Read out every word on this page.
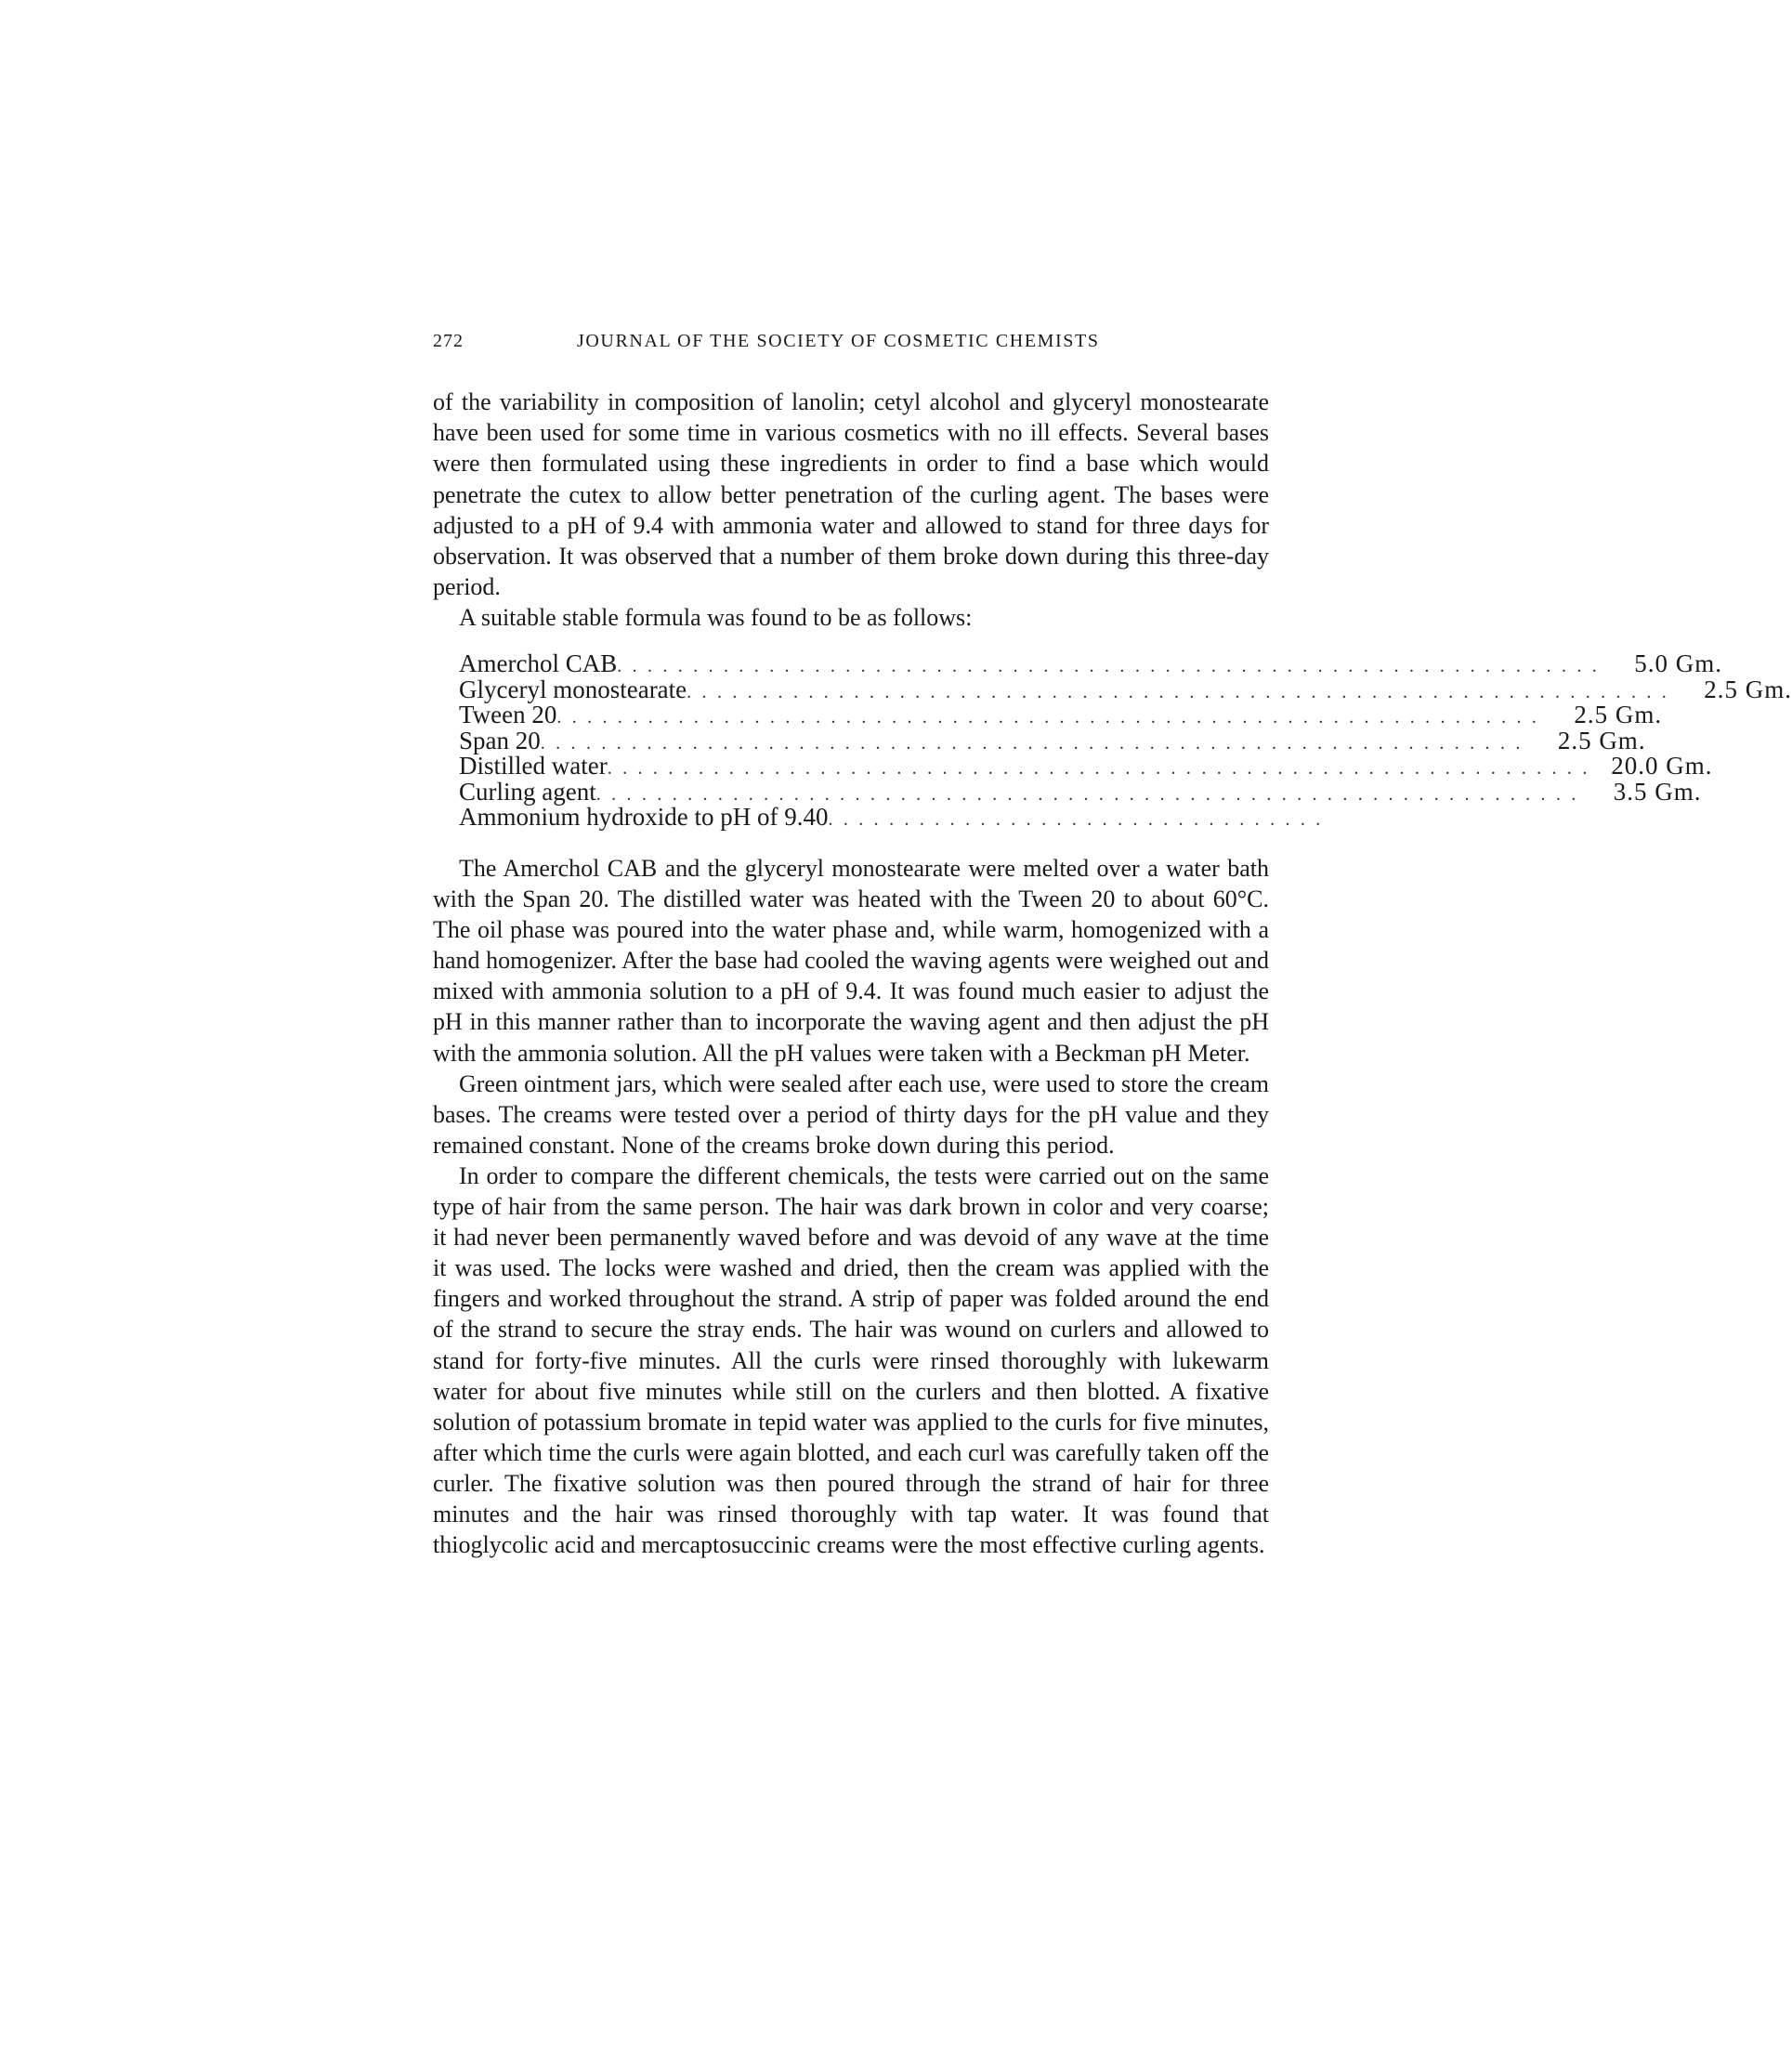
272	JOURNAL OF THE SOCIETY OF COSMETIC CHEMISTS

of the variability in composition of lanolin; cetyl alcohol and glyceryl monostearate have been used for some time in various cosmetics with no ill effects. Several bases were then formulated using these ingredients in order to find a base which would penetrate the cutex to allow better penetration of the curling agent. The bases were adjusted to a pH of 9.4 with ammonia water and allowed to stand for three days for observation. It was observed that a number of them broke down during this three-day period.

A suitable stable formula was found to be as follows:

Amerchol CAB . . . . . . . . . . . . . . . . . . . . . . . . . . . . . . . . . . . . . . . . . . . . . . . . . . . . . . . . . . . . . . . . .	5.0 Gm.
Glyceryl monostearate . . . . . . . . . . . . . . . . . . . . . . . . . . . . . . . . . . . . . . . . . . . . . . . . . . . . . . . . . . . . . . . . .	2.5 Gm.
Tween 20 . . . . . . . . . . . . . . . . . . . . . . . . . . . . . . . . . . . . . . . . . . . . . . . . . . . . . . . . . . . . . . . . .	2.5 Gm.
Span 20 . . . . . . . . . . . . . . . . . . . . . . . . . . . . . . . . . . . . . . . . . . . . . . . . . . . . . . . . . . . . . . . . .	2.5 Gm.
Distilled water . . . . . . . . . . . . . . . . . . . . . . . . . . . . . . . . . . . . . . . . . . . . . . . . . . . . . . . . . . . . . . . . . 20.0 Gm.
Curling agent . . . . . . . . . . . . . . . . . . . . . . . . . . . . . . . . . . . . . . . . . . . . . . . . . . . . . . . . . . . . . . . . .	3.5 Gm.
Ammonium hydroxide to pH of 9.40 . . . . . . . . . . . . . . . . . . . . . . . . . . . . . . . . .

The Amerchol CAB and the glyceryl monostearate were melted over a water bath with the Span 20. The distilled water was heated with the Tween 20 to about 60°C. The oil phase was poured into the water phase and, while warm, homogenized with a hand homogenizer. After the base had cooled the waving agents were weighed out and mixed with ammonia solution to a pH of 9.4. It was found much easier to adjust the pH in this manner rather than to incorporate the waving agent and then adjust the pH with the ammonia solution. All the pH values were taken with a Beckman pH Meter.

Green ointment jars, which were sealed after each use, were used to store the cream bases. The creams were tested over a period of thirty days for the pH value and they remained constant. None of the creams broke down during this period.

In order to compare the different chemicals, the tests were carried out on the same type of hair from the same person. The hair was dark brown in color and very coarse; it had never been permanently waved before and was devoid of any wave at the time it was used. The locks were washed and dried, then the cream was applied with the fingers and worked throughout the strand. A strip of paper was folded around the end of the strand to secure the stray ends. The hair was wound on curlers and allowed to stand for forty-five minutes. All the curls were rinsed thoroughly with lukewarm water for about five minutes while still on the curlers and then blotted. A fixative solution of potassium bromate in tepid water was applied to the curls for five minutes, after which time the curls were again blotted, and each curl was carefully taken off the curler. The fixative solution was then poured through the strand of hair for three minutes and the hair was rinsed thoroughly with tap water. It was found that thioglycolic acid and mercaptosuccinic creams were the most effective curling agents.
